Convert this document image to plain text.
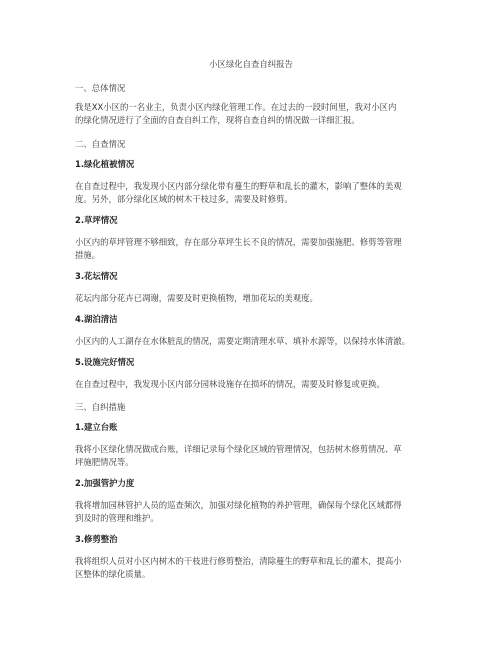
小区绿化自查自纠报告
一、总体情况
我是XX小区的一名业主，负责小区内绿化管理工作。在过去的一段时间里，我对小区内
的绿化情况进行了全面的自查自纠工作，现将自查自纠的情况做一详细汇报。
二、自查情况
1.绿化植被情况
在自查过程中，我发现小区内部分绿化带有蔓生的野草和乱长的灌木，影响了整体的美观
度。另外，部分绿化区域的树木干枝过多，需要及时修剪。
2.草坪情况
小区内的草坪管理不够细致，存在部分草坪生长不良的情况，需要加强施肥、修剪等管理
措施。
3.花坛情况
花坛内部分花卉已凋谢，需要及时更换植物，增加花坛的美观度。
4.湖泊清洁
小区内的人工湖存在水体脏乱的情况，需要定期清理水草、填补水源等，以保持水体清澈。
5.设施完好情况
在自查过程中，我发现小区内部分园林设施存在损坏的情况，需要及时修复或更换。
三、自纠措施
1.建立台账
我将小区绿化情况做成台账，详细记录每个绿化区域的管理情况，包括树木修剪情况、草
坪施肥情况等。
2.加强管护力度
我将增加园林管护人员的巡查频次，加强对绿化植物的养护管理，确保每个绿化区域都得
到及时的管理和维护。
3.修剪整治
我将组织人员对小区内树木的干枝进行修剪整治，清除蔓生的野草和乱长的灌木，提高小
区整体的绿化质量。
